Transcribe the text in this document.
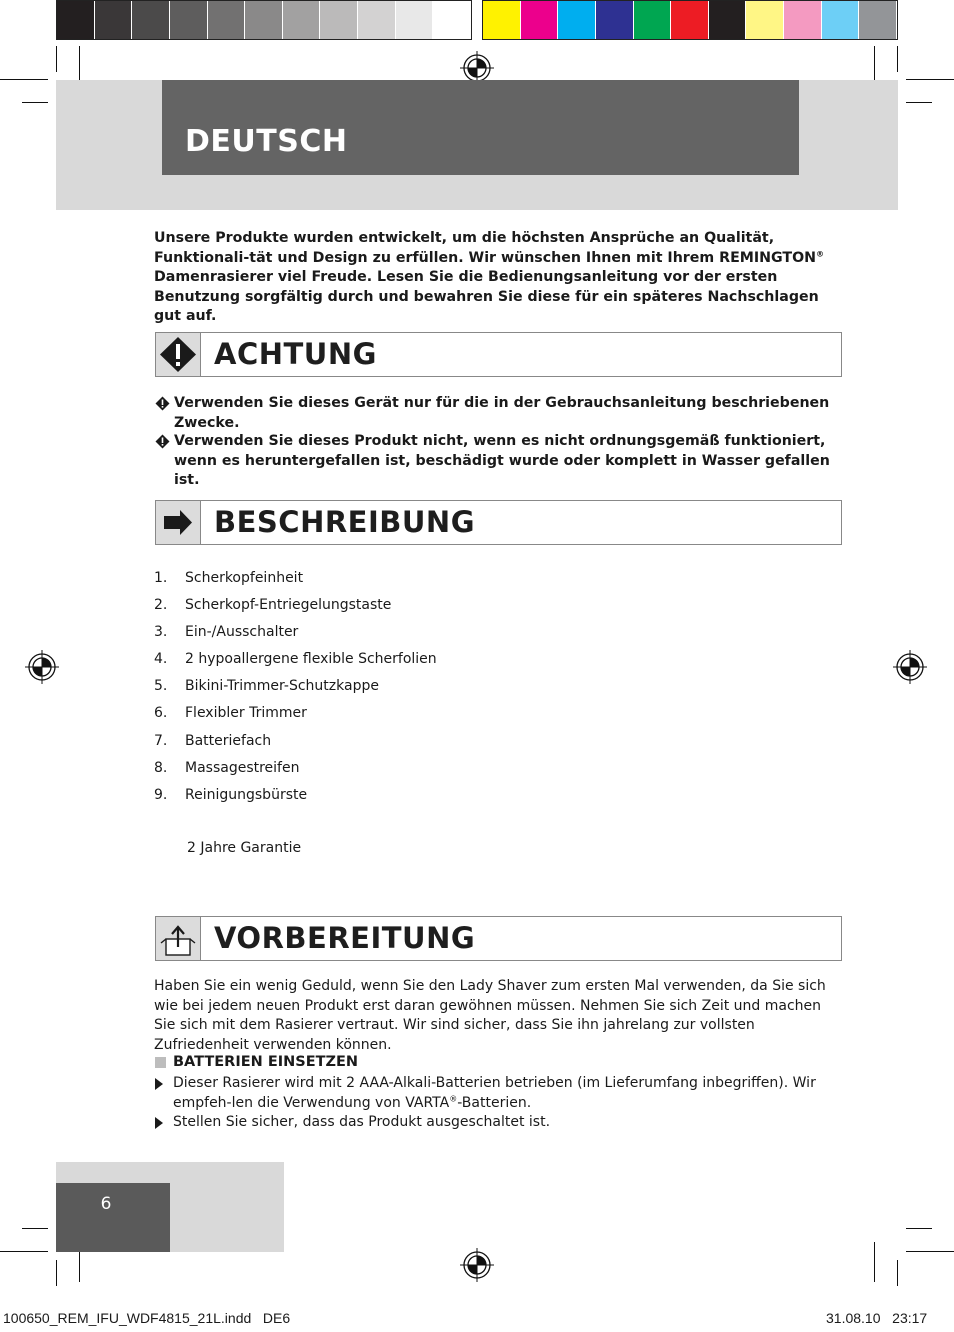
DEUTSCH
Unsere Produkte wurden entwickelt, um die höchsten Ansprüche an Qualität, Funktionali-tät und Design zu erfüllen. Wir wünschen Ihnen mit Ihrem REMINGTON® Damenrasierer viel Freude. Lesen Sie die Bedienungsanleitung vor der ersten Benutzung sorgfältig durch und bewahren Sie diese für ein späteres Nachschlagen gut auf.
ACHTUNG
Verwenden Sie dieses Gerät nur für die in der Gebrauchsanleitung beschriebenen Zwecke.
Verwenden Sie dieses Produkt nicht, wenn es nicht ordnungsgemäß funktioniert, wenn es heruntergefallen ist, beschädigt wurde oder komplett in Wasser gefallen ist.
BESCHREIBUNG
1. Scherkopfeinheit
2. Scherkopf-Entriegelungstaste
3. Ein-/Ausschalter
4. 2 hypoallergene flexible Scherfolien
5. Bikini-Trimmer-Schutzkappe
6. Flexibler Trimmer
7. Batteriefach
8. Massagestreifen
9. Reinigungsbürste
2 Jahre Garantie
VORBEREITUNG
Haben Sie ein wenig Geduld, wenn Sie den Lady Shaver zum ersten Mal verwenden, da Sie sich wie bei jedem neuen Produkt erst daran gewöhnen müssen. Nehmen Sie sich Zeit und machen Sie sich mit dem Rasierer vertraut. Wir sind sicher, dass Sie ihn jahrelang zur vollsten Zufriedenheit verwenden können.
BATTERIEN EINSETZEN
Dieser Rasierer wird mit 2 AAA-Alkali-Batterien betrieben (im Lieferumfang inbegriffen). Wir empfeh-len die Verwendung von VARTA®-Batterien.
Stellen Sie sicher, dass das Produkt ausgeschaltet ist.
6
100650_REM_IFU_WDF4815_21L.indd   DE6	31.08.10   23:17
